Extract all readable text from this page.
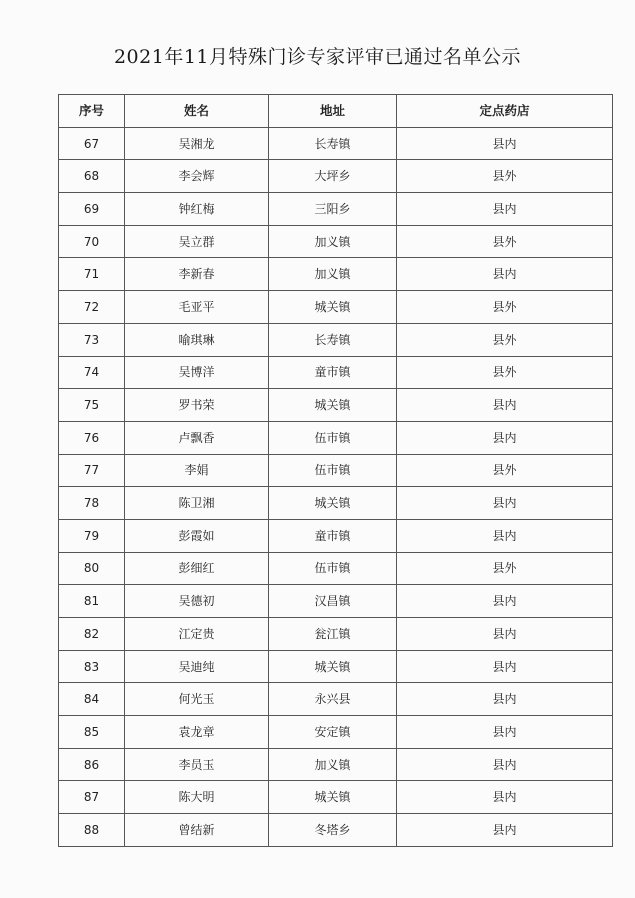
2021年11月特殊门诊专家评审已通过名单公示
序号	姓名	地址	定点药店
67	吴湘龙	长寿镇	县内
68	李会辉	大坪乡	县外
69	钟红梅	三阳乡	县内
70	吴立群	加义镇	县外
71	李新春	加义镇	县内
72	毛亚平	城关镇	县外
73	喻琪琳	长寿镇	县外
74	吴博洋	童市镇	县外
75	罗书荣	城关镇	县内
76	卢飘香	伍市镇	县内
77	李娟	伍市镇	县外
78	陈卫湘	城关镇	县内
79	彭霞如	童市镇	县内
80	彭细红	伍市镇	县外
81	吴德初	汉昌镇	县内
82	江定贵	瓮江镇	县内
83	吴迪纯	城关镇	县内
84	何光玉	永兴县	县内
85	袁龙章	安定镇	县内
86	李员玉	加义镇	县内
87	陈大明	城关镇	县内
88	曾结新	冬塔乡	县内
